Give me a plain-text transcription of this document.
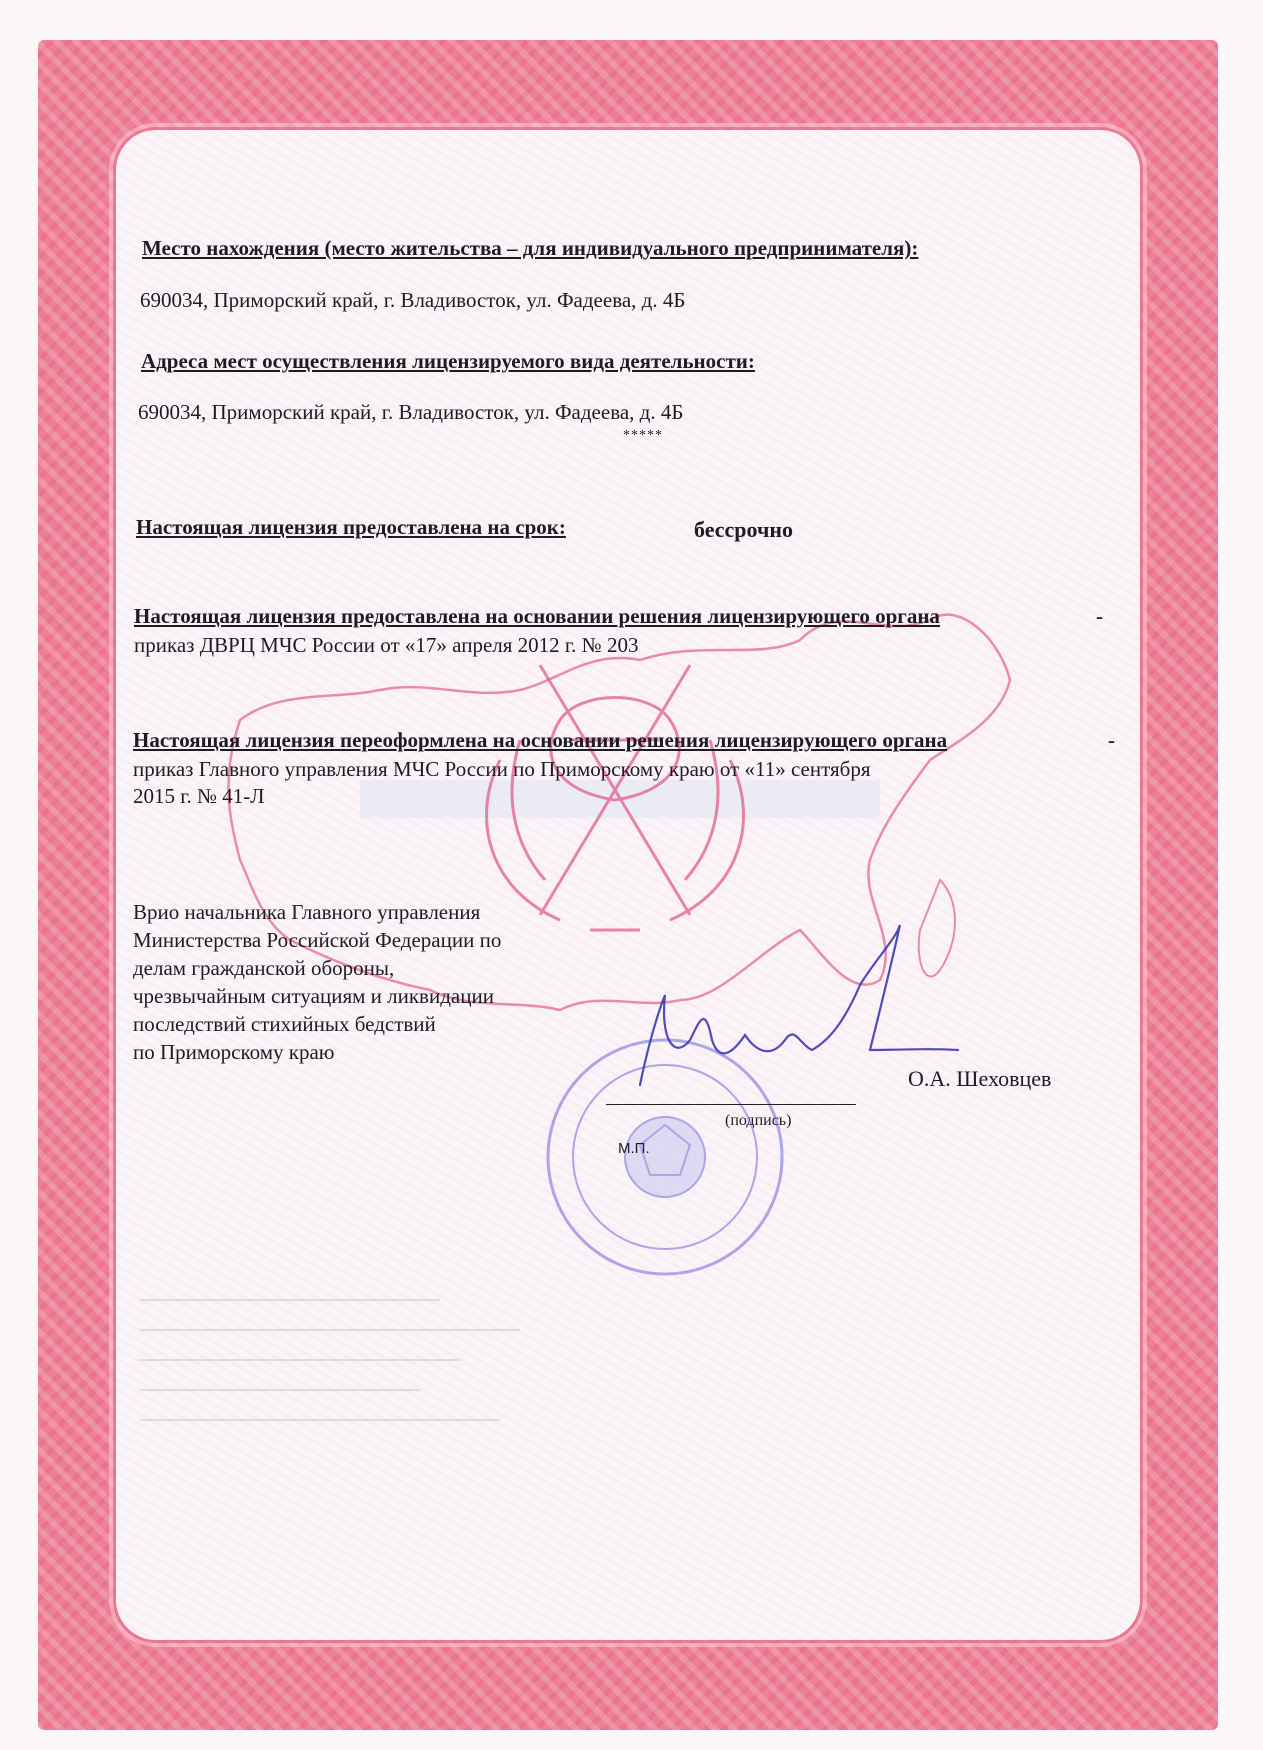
Место нахождения (место жительства – для индивидуального предпринимателя):
690034, Приморский край, г. Владивосток, ул. Фадеева, д. 4Б
Адреса мест осуществления лицензируемого вида деятельности:
690034, Приморский край, г. Владивосток, ул. Фадеева, д. 4Б
*****
Настоящая лицензия предоставлена на срок:	бессрочно
Настоящая лицензия предоставлена на основании решения лицензирующего органа	-
приказ ДВРЦ МЧС России от «17» апреля 2012 г. № 203
Настоящая лицензия переоформлена на основании решения лицензирующего органа	-
приказ Главного управления МЧС России по Приморскому краю от «11» сентября
2015 г. № 41-Л
Врио начальника Главного управления
Министерства Российской Федерации по
делам гражданской обороны,
чрезвычайным ситуациям и ликвидации
последствий стихийных бедствий
по Приморскому краю
О.А. Шеховцев
(подпись)
М.П.
